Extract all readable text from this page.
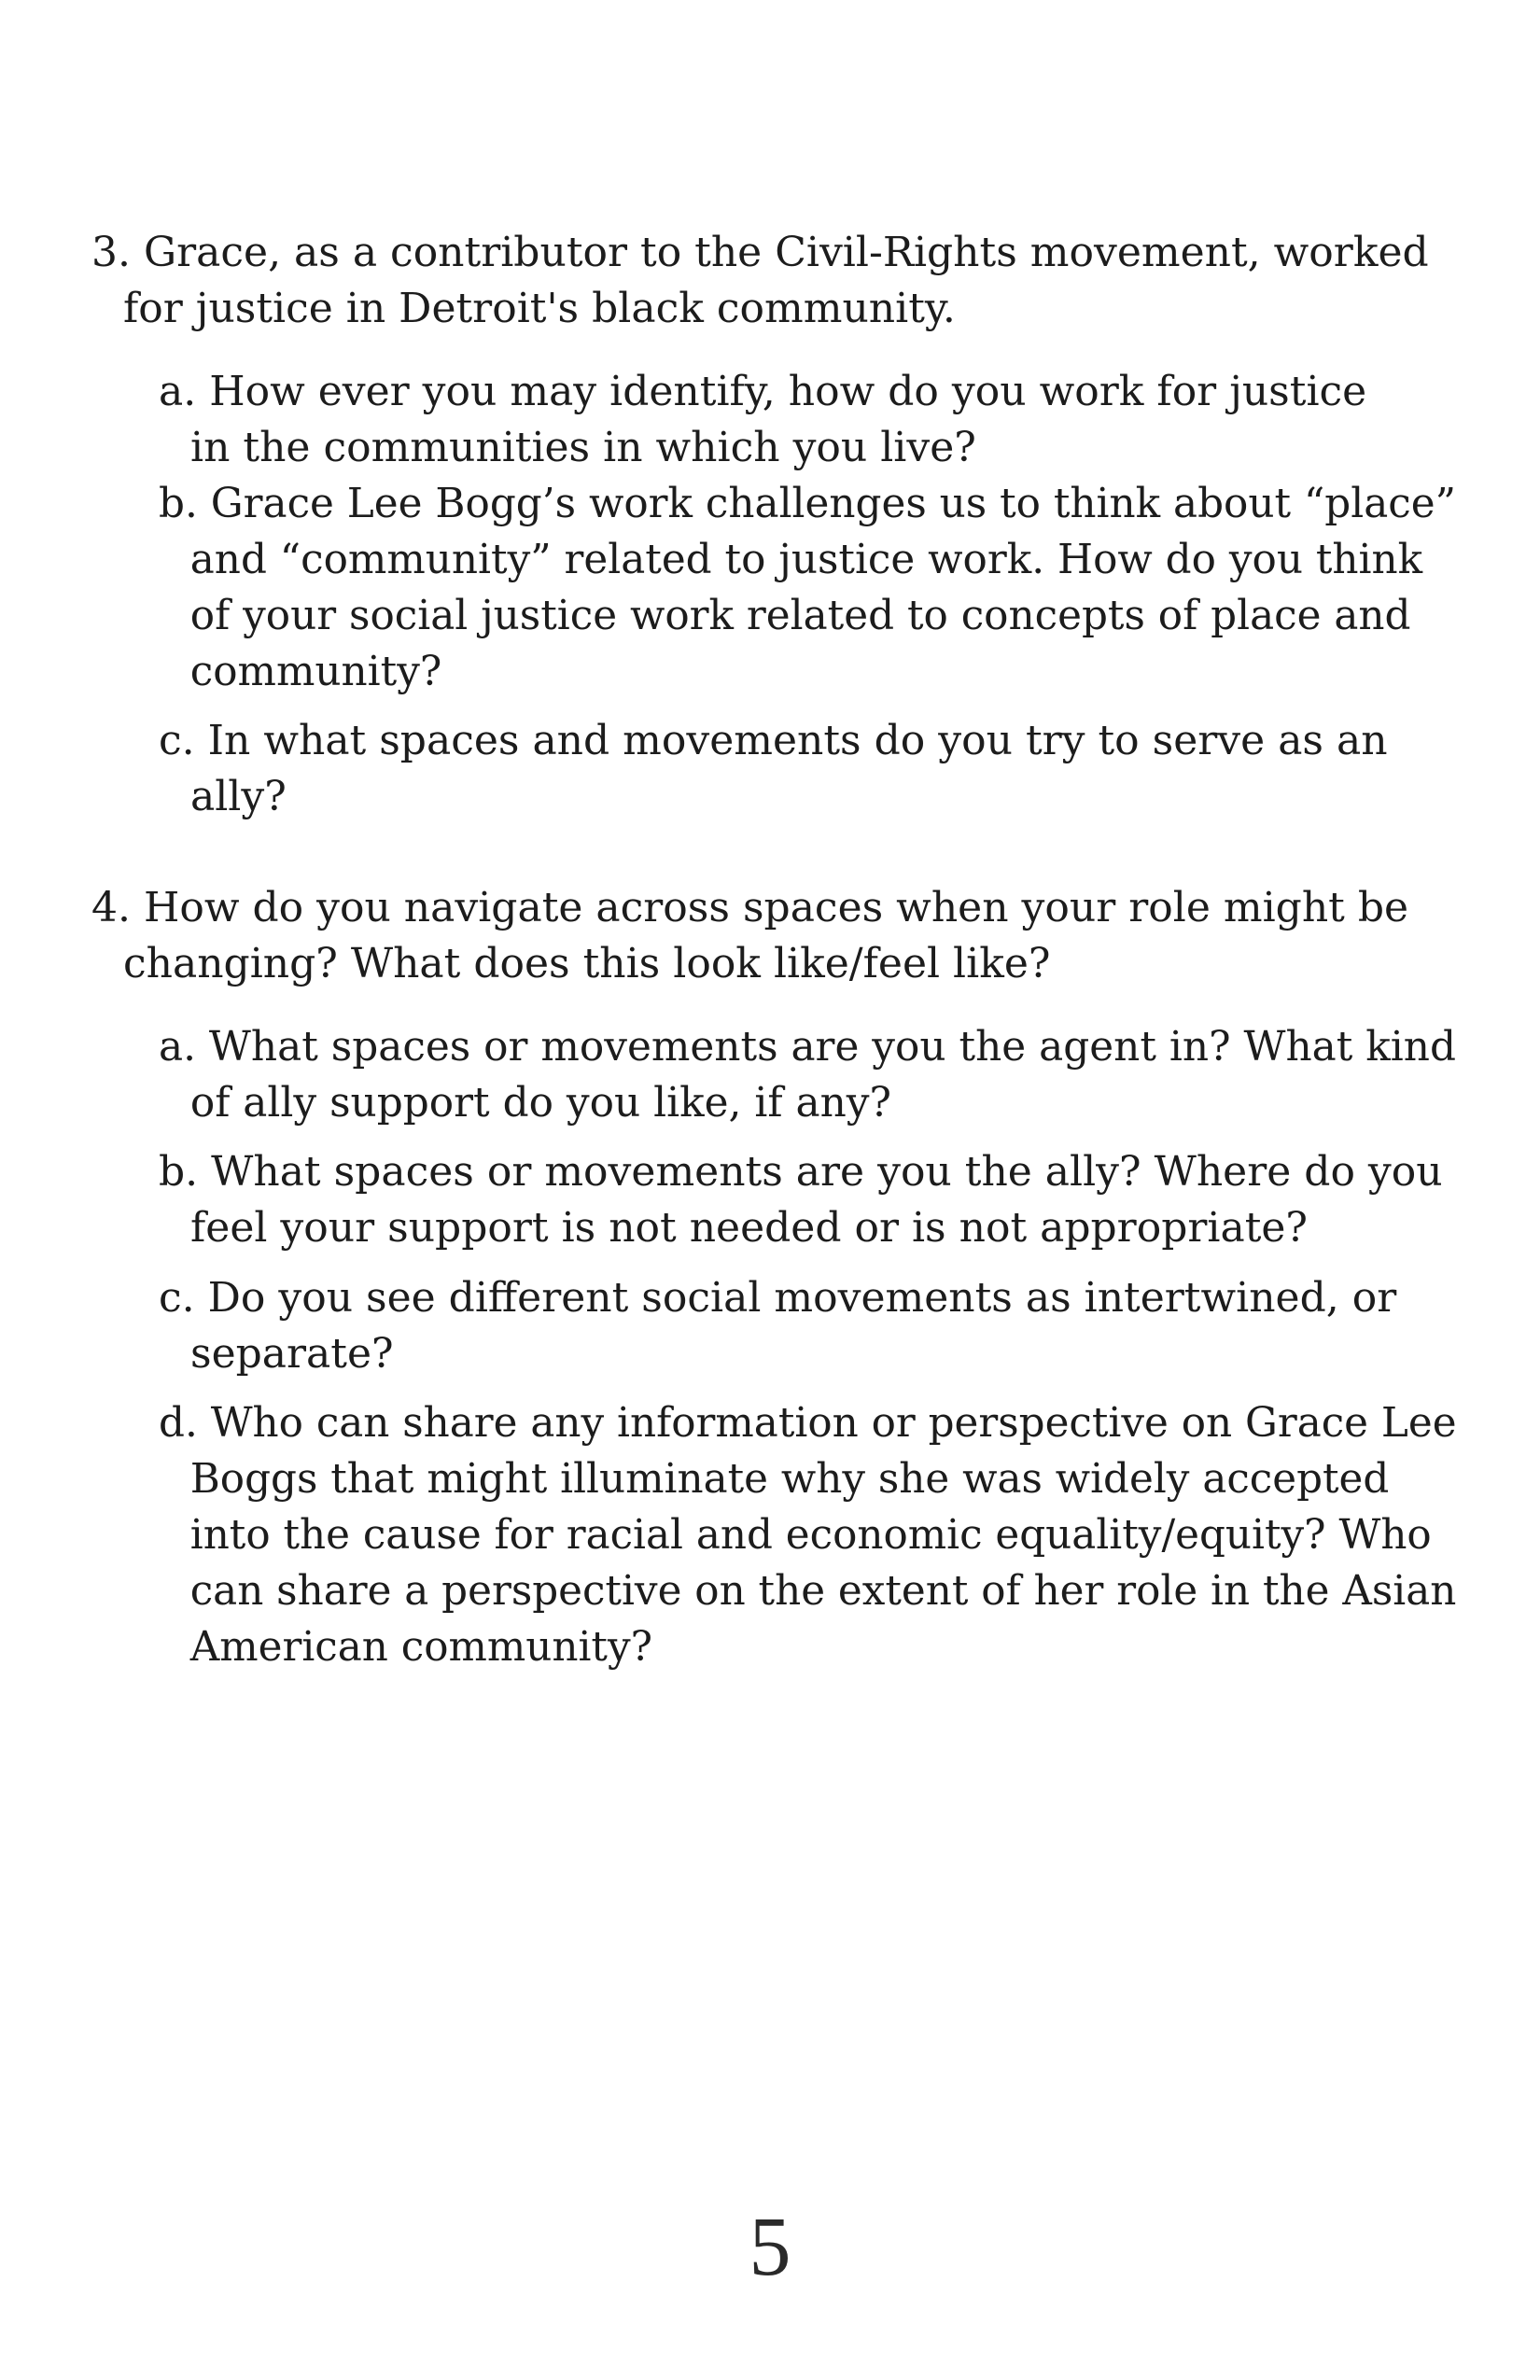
3. Grace, as a contributor to the Civil-Rights movement, worked
for justice in Detroit's black community.
a. How ever you may identify, how do you work for justice
in the communities in which you live?
b. Grace Lee Bogg’s work challenges us to think about “place”
and “community” related to justice work. How do you think
of your social justice work related to concepts of place and
community?
c. In what spaces and movements do you try to serve as an
ally?
4. How do you navigate across spaces when your role might be
changing? What does this look like/feel like?
a. What spaces or movements are you the agent in? What kind
of ally support do you like, if any?
b. What spaces or movements are you the ally? Where do you
feel your support is not needed or is not appropriate?
c. Do you see different social movements as intertwined, or
separate?
d. Who can share any information or perspective on Grace Lee
Boggs that might illuminate why she was widely accepted
into the cause for racial and economic equality/equity? Who
can share a perspective on the extent of her role in the Asian
American community?
5
